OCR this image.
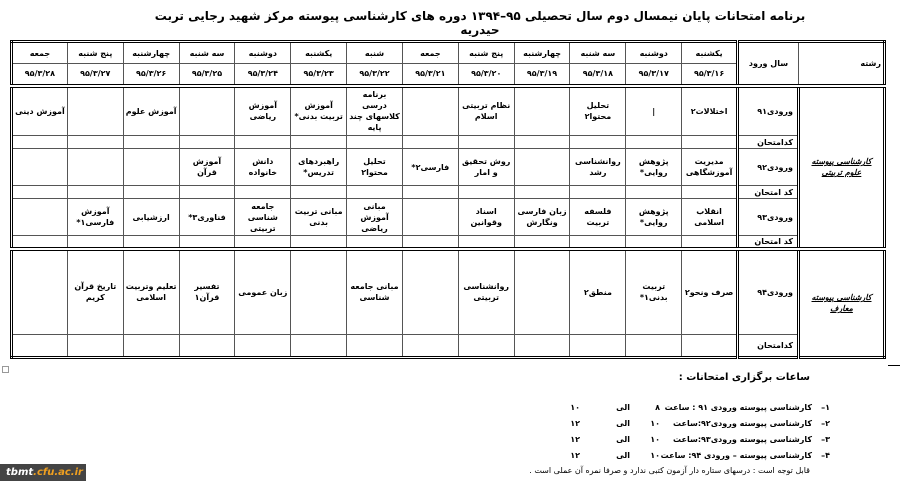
برنامه امتحانات پایان نیمسال دوم سال تحصیلی ۹۵–۱۳۹۴ دوره های کارشناسی پیوسته مرکز شهید رجایی تربت حیدریه
رشته	سال ورود	یکشنبه	دوشنبه	سه شنبه	چهارشنبه	پنج شنبه	جمعه	شنبه	یکشنبه	دوشنبه	سه شنبه	چهارشنبه	پنج شنبه	جمعه
		۹۵/۳/۱۶	۹۵/۳/۱۷	۹۵/۳/۱۸	۹۵/۳/۱۹	۹۵/۳/۲۰	۹۵/۳/۲۱	۹۵/۳/۲۲	۹۵/۳/۲۳	۹۵/۳/۲۴	۹۵/۳/۲۵	۹۵/۳/۲۶	۹۵/۳/۲۷	۹۵/۳/۲۸
کارشناسی پیوسته علوم تربیتی	ورودی۹۱	اختلالات۲	|	تحلیل محتوا۲		نظام تربیتی اسلام		برنامه درسی کلاسهای چند پایه	آموزش تربیت بدنی*	آموزش ریاضی		آموزش علوم		آموزش دینی
	کدامتحان													
	ورودی۹۲	مدیریت آموزشگاهی	پژوهش روایی*	روانشناسی رشد		روش تحقیق و امار	فارسی۲*	تحلیل محتوا۲	راهبردهای تدریس*	دانش خانواده	آموزش قرآن			
	کد امتحان													
	ورودی۹۳	انقلاب اسلامی	پژوهش روایی*	فلسفه تربیت	زبان فارسی ونگارش	اسناد وقوانین		مبانی آموزش ریاضی	مبانی تربیت بدنی	جامعه شناسی تربیتی	فناوری۳*	ارزشیابی	آموزش فارسی۱*	
	کد امتحان													
کارشناسی پیوسته معارف	ورودی۹۴	صرف ونحو۲	تربیت بدنی۱*	منطق۲		روانشناسی تربیتی		مبانی جامعه شناسی		زبان عمومی	تفسیر قرآن۱	تعلیم وتربیت اسلامی	تاریخ قرآن کریم	
	کدامتحان													
ساعات برگزاری امتحانات :
۱–
کارشناسی پیوسته ورودی ۹۱ : ساعت
۸
الی
۱۰
۲–
کارشناسی پیوسته ورودی۹۲:ساعت
۱۰
الی
۱۲
۳–
کارشناسی پیوسته ورودی۹۳:ساعت
۱۰
الی
۱۲
۴–
کارشناسی پیوسته – ورودی ۹۴: ساعت
۱۰
الی
۱۲
قابل توجه است : درسهای ستاره دار آزمون کتبی ندارد و صرفا نمره آن عملی است .
tbmt.cfu.ac.ir
